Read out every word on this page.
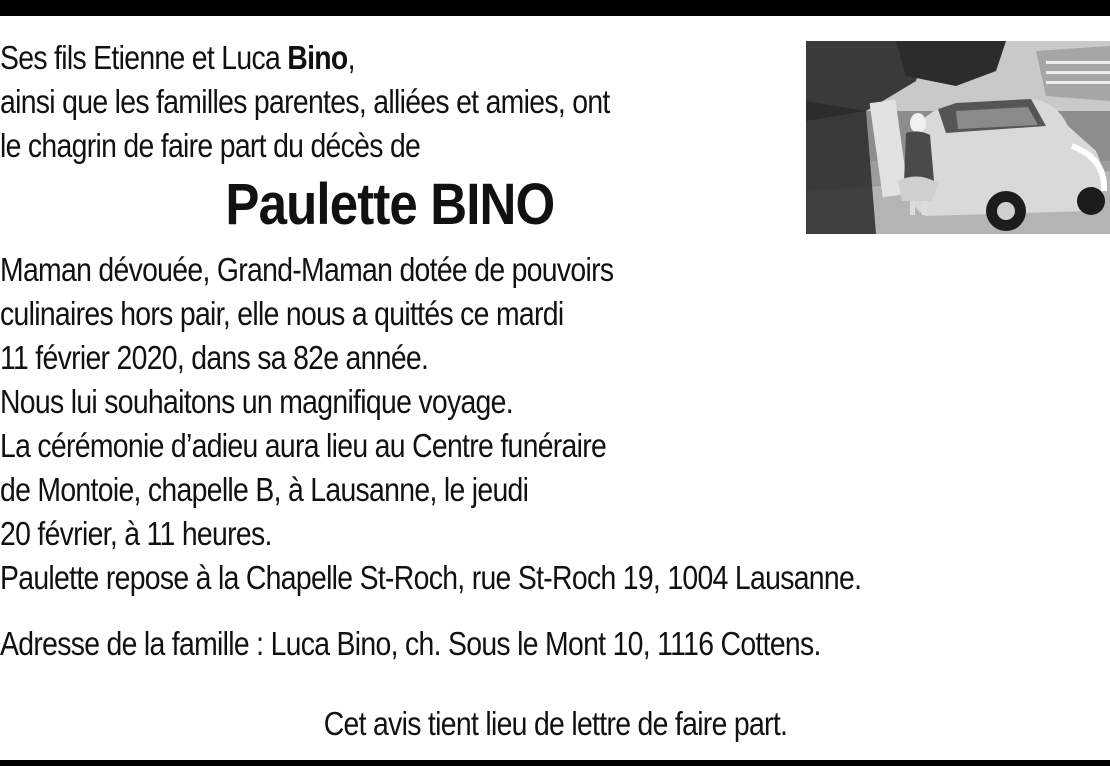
Ses fils Etienne et Luca Bino,
ainsi que les familles parentes, alliées et amies, ont
le chagrin de faire part du décès de
Paulette BINO
Maman dévouée, Grand-Maman dotée de pouvoirs
culinaires hors pair, elle nous a quittés ce mardi
11 février 2020, dans sa 82e année.
Nous lui souhaitons un magnifique voyage.
La cérémonie d’adieu aura lieu au Centre funéraire
de Montoie, chapelle B, à Lausanne, le jeudi
20 février, à 11 heures.
Paulette repose à la Chapelle St-Roch, rue St-Roch 19, 1004 Lausanne.
Adresse de la famille : Luca Bino, ch. Sous le Mont 10, 1116 Cottens.
Cet avis tient lieu de lettre de faire part.
